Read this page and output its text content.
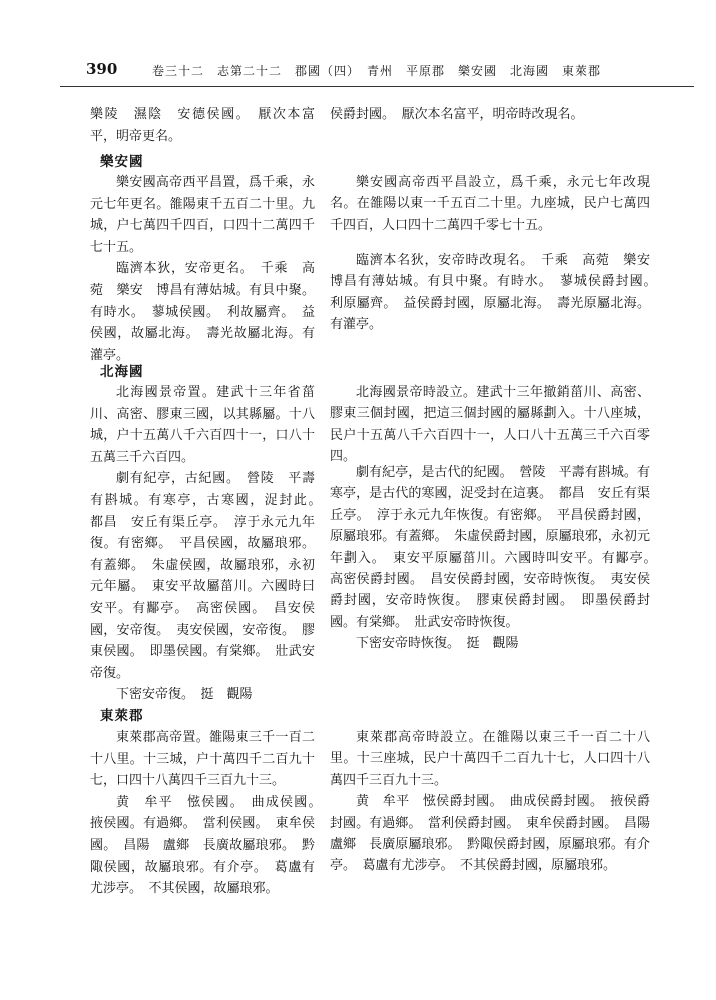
390	卷三十二　志第二十二　郡國（四）　青州　平原郡　樂安國　北海國　東萊郡

樂陵　濕陰　安德侯國。　厭次本富平，明帝更名。

樂安國

樂安國高帝西平昌置，爲千乘，永元七年更名。雒陽東千五百二十里。九城，户七萬四千四百，口四十二萬四千七十五。

臨濟本狄，安帝更名。　千乘　高菀　樂安　博昌有薄姑城。有貝中聚。有時水。　蓼城侯國。　利故屬齊。　益侯國，故屬北海。　壽光故屬北海。有灌亭。

北海國

北海國景帝置。建武十三年省菑川、高密、膠東三國，以其縣屬。十八城，户十五萬八千六百四十一，口八十五萬三千六百四。

劇有紀亭，古紀國。　營陵　平壽有斟城。有寒亭，古寒國，浞封此。　都昌　安丘有渠丘亭。　淳于永元九年復。有密鄉。　平昌侯國，故屬琅邪。有蓋鄉。　朱虛侯國，故屬琅邪，永初元年屬。　東安平故屬菑川。六國時曰安平。有酅亭。　高密侯國。　昌安侯國，安帝復。　夷安侯國，安帝復。　膠東侯國。　即墨侯國。有棠鄉。　壯武安帝復。

下密安帝復。　挺　觀陽

東萊郡

東萊郡高帝置。雒陽東三千一百二十八里。十三城，户十萬四千二百九十七，口四十八萬四千三百九十三。

黄　牟平　惤侯國。　曲成侯國。　掖侯國。有過鄉。　當利侯國。　東牟侯國。　昌陽　盧鄉　長廣故屬琅邪。　黔陬侯國，故屬琅邪。有介亭。　葛盧有尤涉亭。　不其侯國，故屬琅邪。

侯爵封國。　厭次本名富平，明帝時改現名。

樂安國高帝西平昌設立，爲千乘，永元七年改現名。在雒陽以東一千五百二十里。九座城，民户七萬四千四百，人口四十二萬四千零七十五。

臨濟本名狄，安帝時改現名。　千乘　高菀　樂安　博昌有薄姑城。有貝中聚。有時水。　蓼城侯爵封國。　利原屬齊。　益侯爵封國，原屬北海。　壽光原屬北海。有灌亭。

北海國景帝時設立。建武十三年撤銷菑川、高密、膠東三個封國，把這三個封國的屬縣劃入。十八座城，民户十五萬八千六百四十一，人口八十五萬三千六百零四。

劇有紀亭，是古代的紀國。　營陵　平壽有斟城。有寒亭，是古代的寒國，浞受封在這裏。　都昌　安丘有渠丘亭。　淳于永元九年恢復。有密鄉。　平昌侯爵封國，原屬琅邪。有蓋鄉。　朱虛侯爵封國，原屬琅邪，永初元年劃入。　東安平原屬菑川。六國時叫安平。有酅亭。　高密侯爵封國。　昌安侯爵封國，安帝時恢復。　夷安侯爵封國，安帝時恢復。　膠東侯爵封國。　即墨侯爵封國。有棠鄉。　壯武安帝時恢復。

下密安帝時恢復。　挺　觀陽

東萊郡高帝時設立。在雒陽以東三千一百二十八里。十三座城，民户十萬四千二百九十七，人口四十八萬四千三百九十三。

黄　牟平　惤侯爵封國。　曲成侯爵封國。　掖侯爵封國。有過鄉。　當利侯爵封國。　東牟侯爵封國。　昌陽　盧鄉　長廣原屬琅邪。　黔陬侯爵封國，原屬琅邪。有介亭。　葛盧有尤涉亭。　不其侯爵封國，原屬琅邪。
